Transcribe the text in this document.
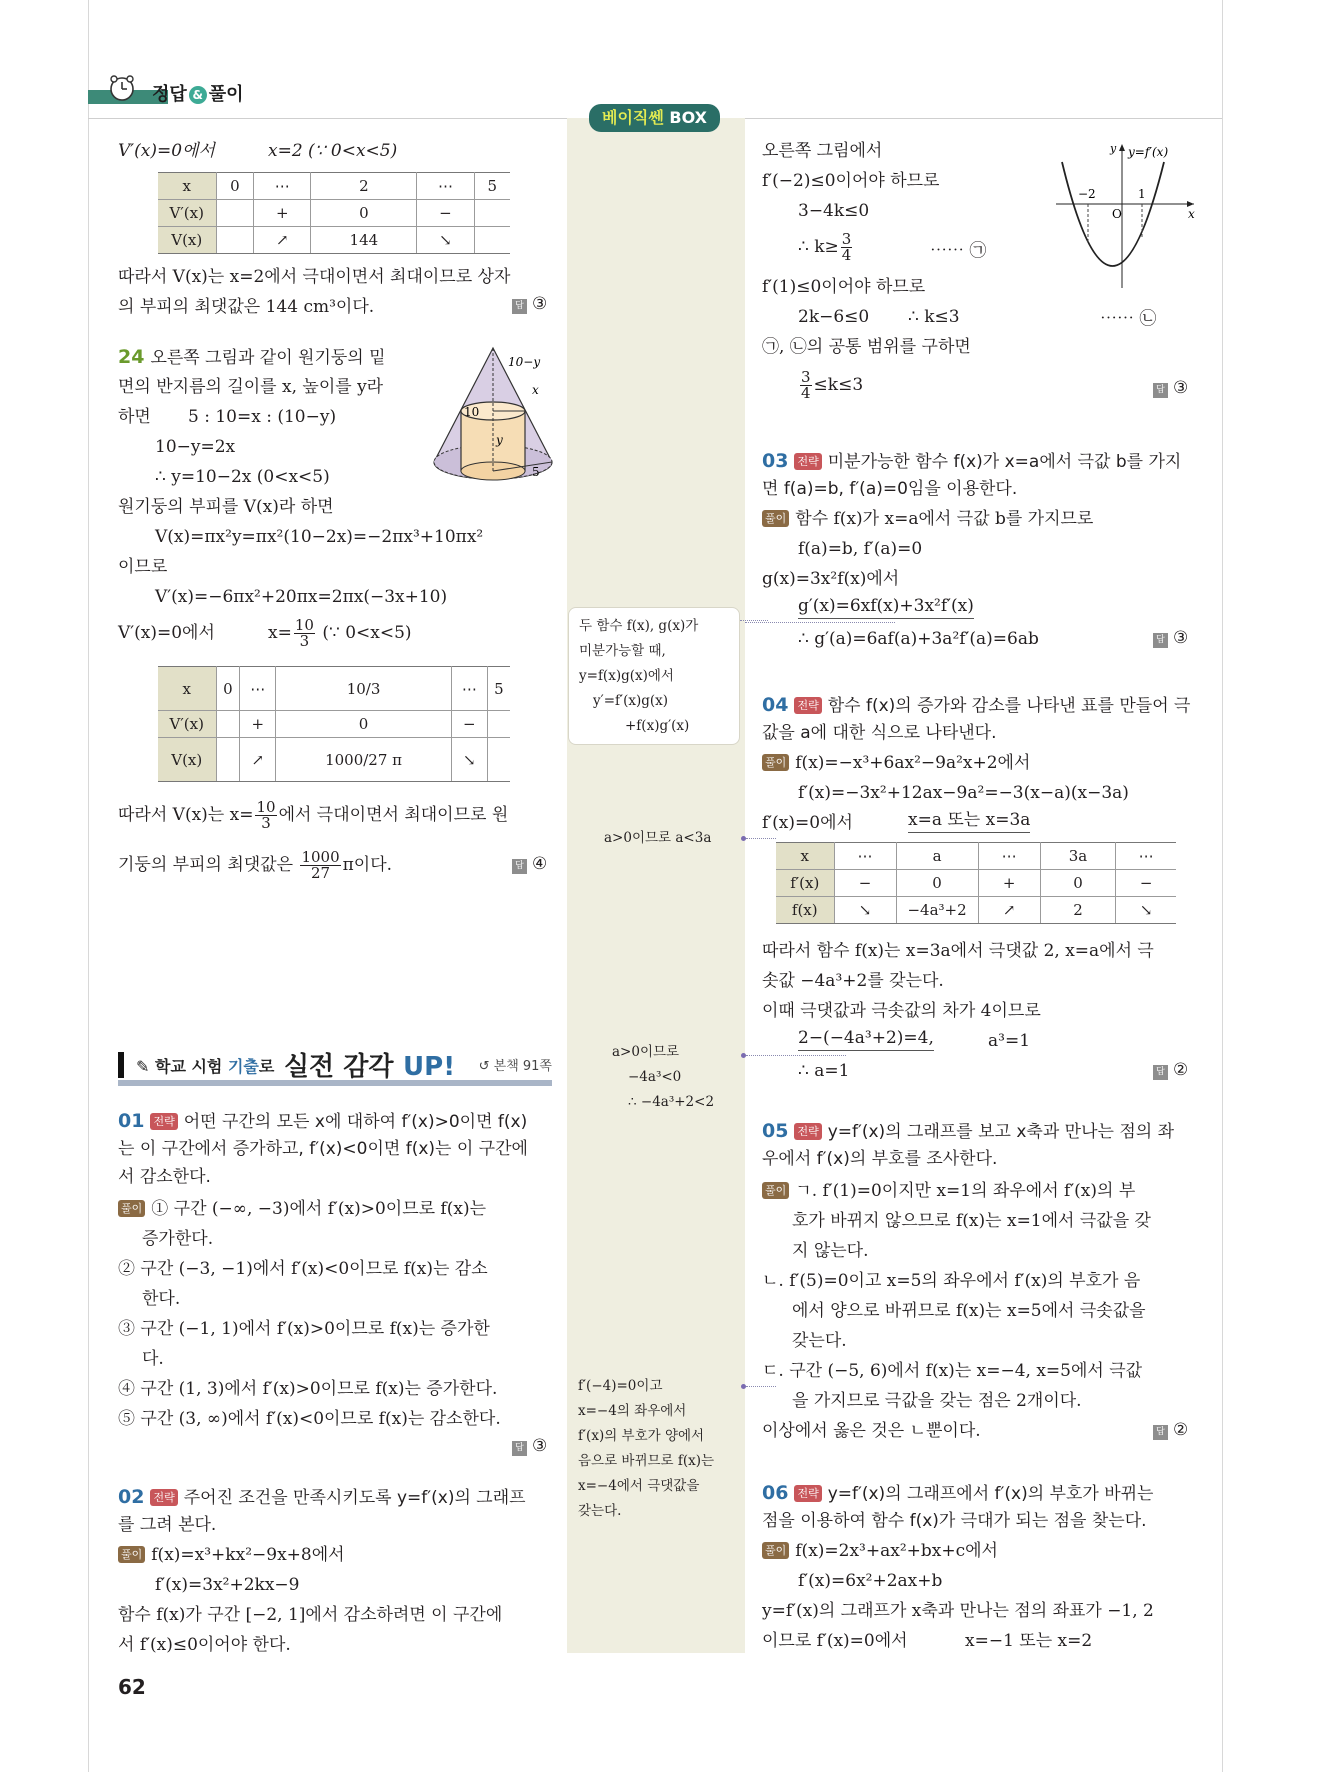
정답 & 풀이
베이직쎈 BOX
두 함수 f(x), g(x)가
미분가능할 때,
y=f(x)g(x)에서
y′=f′(x)g(x)
+f(x)g′(x)
a>0이므로 a<3a
a>0이므로
−4a³<0
∴ −4a³+2<2
f′(−4)=0이고
x=−4의 좌우에서
f′(x)의 부호가 양에서
음으로 바뀌므로 f(x)는
x=−4에서 극댓값을
갖는다.
V′(x)=0에서	x=2 (∵ 0<x<5)
x	0	⋯	2	⋯	5
V′(x)		+	0	−	
V(x)		↗	144	↘	
따라서 V(x)는 x=2에서 극대이면서 최대이므로 상자
의 부피의 최댓값은 144 cm³이다.	답 ③
24 오른쪽 그림과 같이 원기둥의 밑
면의 반지름의 길이를 x, 높이를 y라
하면 5 : 10=x : (10−y)
10−y=2x
∴ y=10−2x (0<x<5)
원기둥의 부피를 V(x)라 하면
V(x)=πx²y=πx²(10−2x)=−2πx³+10πx²
이므로
V′(x)=−6πx²+20πx=2πx(−3x+10)
V′(x)=0에서	$x= \frac{10}{3}$ (∵ 0<x<5)
10−y
x
10
y
5
x	0	⋯	10/3	⋯	5
V′(x)		+	0	−	
V(x)		↗	1000/27 π	↘	
따라서 V(x)는 $x= \frac{10}{3}$ 에서 극대이면서 최대이므로 원
기둥의 부피의 최댓값은 $\frac{1000}{27}$ π이다.	답 ④
✎ 학교 시험 기출로 실전 감각 UP! ↺ 본책 91쪽
01 전략 어떤 구간의 모든 x에 대하여 f′(x)>0이면 f(x)
는 이 구간에서 증가하고, f′(x)<0이면 f(x)는 이 구간에
서 감소한다.
풀이 ① 구간 (−∞, −3)에서 f′(x)>0이므로 f(x)는
증가한다.
② 구간 (−3, −1)에서 f′(x)<0이므로 f(x)는 감소
한다.
③ 구간 (−1, 1)에서 f′(x)>0이므로 f(x)는 증가한
다.
④ 구간 (1, 3)에서 f′(x)>0이므로 f(x)는 증가한다.
⑤ 구간 (3, ∞)에서 f′(x)<0이므로 f(x)는 감소한다.
답 ③
02 전략 주어진 조건을 만족시키도록 y=f′(x)의 그래프
를 그려 본다.
풀이 f(x)=x³+kx²−9x+8에서
f′(x)=3x²+2kx−9
함수 f(x)가 구간 [−2, 1]에서 감소하려면 이 구간에
서 f′(x)≤0이어야 한다.
62
오른쪽 그림에서
f′(−2)≤0이어야 하므로
3−4k≤0
∴ $k\ge \frac{3}{4}$	⋯⋯ ㉠
f′(1)≤0이어야 하므로
2k−6≤0 ∴ k≤3	⋯⋯ ㉡
㉠, ㉡의 공통 범위를 구하면
$\frac{3}{4} \le k\le 3$	답 ③
−2	1
O	x
y y=f′(x)
03 전략 미분가능한 함수 f(x)가 x=a에서 극값 b를 가지
면 f(a)=b, f′(a)=0임을 이용한다.
풀이 함수 f(x)가 x=a에서 극값 b를 가지므로
f(a)=b, f′(a)=0
g(x)=3x²f(x)에서
g′(x)=6xf(x)+3x²f′(x)
∴ g′(a)=6af(a)+3a²f′(a)=6ab	답 ③
04 전략 함수 f(x)의 증가와 감소를 나타낸 표를 만들어 극
값을 a에 대한 식으로 나타낸다.
풀이 f(x)=−x³+6ax²−9a²x+2에서
f′(x)=−3x²+12ax−9a²=−3(x−a)(x−3a)
f′(x)=0에서	x=a 또는 x=3a
x	⋯	a	⋯	3a	⋯
f′(x)	−	0	+	0	−
f(x)	↘	−4a³+2	↗	2	↘
따라서 함수 f(x)는 x=3a에서 극댓값 2, x=a에서 극
솟값 −4a³+2를 갖는다.
이때 극댓값과 극솟값의 차가 4이므로
2−(−4a³+2)=4,	a³=1
∴ a=1	답 ②
05 전략 y=f′(x)의 그래프를 보고 x축과 만나는 점의 좌
우에서 f′(x)의 부호를 조사한다.
풀이 ㄱ. f′(1)=0이지만 x=1의 좌우에서 f′(x)의 부
호가 바뀌지 않으므로 f(x)는 x=1에서 극값을 갖
지 않는다.
ㄴ. f′(5)=0이고 x=5의 좌우에서 f′(x)의 부호가 음
에서 양으로 바뀌므로 f(x)는 x=5에서 극솟값을
갖는다.
ㄷ. 구간 (−5, 6)에서 f(x)는 x=−4, x=5에서 극값
을 가지므로 극값을 갖는 점은 2개이다.
이상에서 옳은 것은 ㄴ뿐이다.	답 ②
06 전략 y=f′(x)의 그래프에서 f′(x)의 부호가 바뀌는
점을 이용하여 함수 f(x)가 극대가 되는 점을 찾는다.
풀이 f(x)=2x³+ax²+bx+c에서
f′(x)=6x²+2ax+b
y=f′(x)의 그래프가 x축과 만나는 점의 좌표가 −1, 2
이므로 f′(x)=0에서	x=−1 또는 x=2
